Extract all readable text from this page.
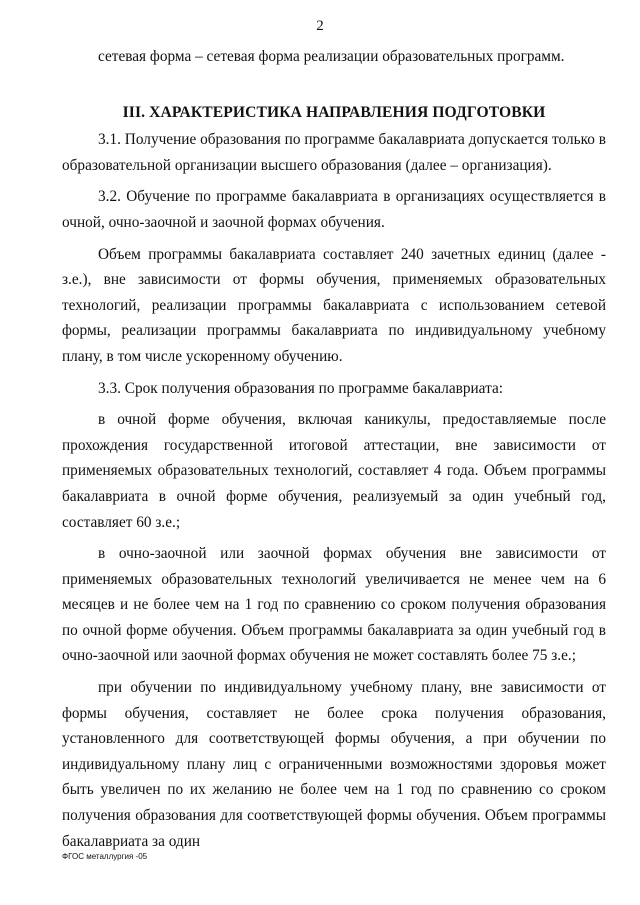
2

сетевая форма – сетевая форма реализации образовательных программ.

III. ХАРАКТЕРИСТИКА НАПРАВЛЕНИЯ ПОДГОТОВКИ

3.1. Получение образования по программе бакалавриата допускается только в образовательной организации высшего образования (далее – организация).

3.2. Обучение по программе бакалавриата в организациях осуществляется в очной, очно-заочной и заочной формах обучения.

Объем программы бакалавриата составляет 240 зачетных единиц (далее - з.е.), вне зависимости от формы обучения, применяемых образовательных технологий, реализации программы бакалавриата с использованием сетевой формы, реализации программы бакалавриата по индивидуальному учебному плану, в том числе ускоренному обучению.

3.3. Срок получения образования по программе бакалавриата:

в очной форме обучения, включая каникулы, предоставляемые после прохождения государственной итоговой аттестации, вне зависимости от применяемых образовательных технологий, составляет 4 года. Объем программы бакалавриата в очной форме обучения, реализуемый за один учебный год, составляет 60 з.е.;

в очно-заочной или заочной формах обучения вне зависимости от применяемых образовательных технологий увеличивается не менее чем на 6 месяцев и не более чем на 1 год по сравнению со сроком получения образования по очной форме обучения. Объем программы бакалавриата за один учебный год в очно-заочной или заочной формах обучения не может составлять более 75 з.е.;

при обучении по индивидуальному учебному плану, вне зависимости от формы обучения, составляет не более срока получения образования, установленного для соответствующей формы обучения, а при обучении по индивидуальному плану лиц с ограниченными возможностями здоровья может быть увеличен по их желанию не более чем на 1 год по сравнению со сроком получения образования для соответствующей формы обучения. Объем программы бакалавриата за один

ФГОС металлургия -05
